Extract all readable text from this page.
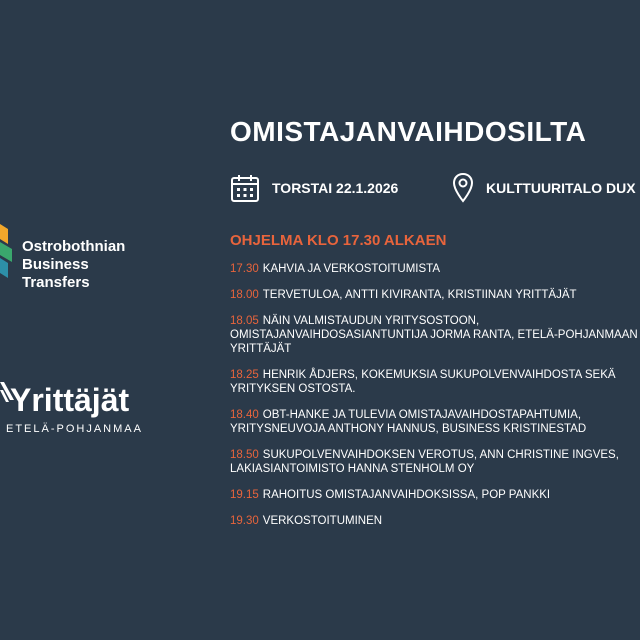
Ostrobothnian
Business
Transfers
Yrittäjät
ETELÄ-POHJANMAA
OMISTAJANVAIHDOSILTA
TORSTAI 22.1.2026	KULTTUURITALO DUX
OHJELMA KLO 17.30 ALKAEN
17.30 KAHVIA JA VERKOSTOITUMISTA
18.00 TERVETULOA, ANTTI KIVIRANTA, KRISTIINAN YRITTÄJÄT
18.05 NÄIN VALMISTAUDUN YRITYSOSTOON,
OMISTAJANVAIHDOSASIANTUNTIJA JORMA RANTA, ETELÄ-POHJANMAAN
YRITTÄJÄT
18.25 HENRIK ÅDJERS, KOKEMUKSIA SUKUPOLVENVAIHDOSTA SEKÄ
YRITYKSEN OSTOSTA.
18.40 OBT-HANKE JA TULEVIA OMISTAJAVAIHDOSTAPAHTUMIA,
YRITYSNEUVOJA ANTHONY HANNUS, BUSINESS KRISTINESTAD
18.50 SUKUPOLVENVAIHDOKSEN VEROTUS, ANN CHRISTINE INGVES,
LAKIASIANTOIMISTO HANNA STENHOLM OY
19.15 RAHOITUS OMISTAJANVAIHDOKSISSA, POP PANKKI
19.30 VERKOSTOITUMINEN
